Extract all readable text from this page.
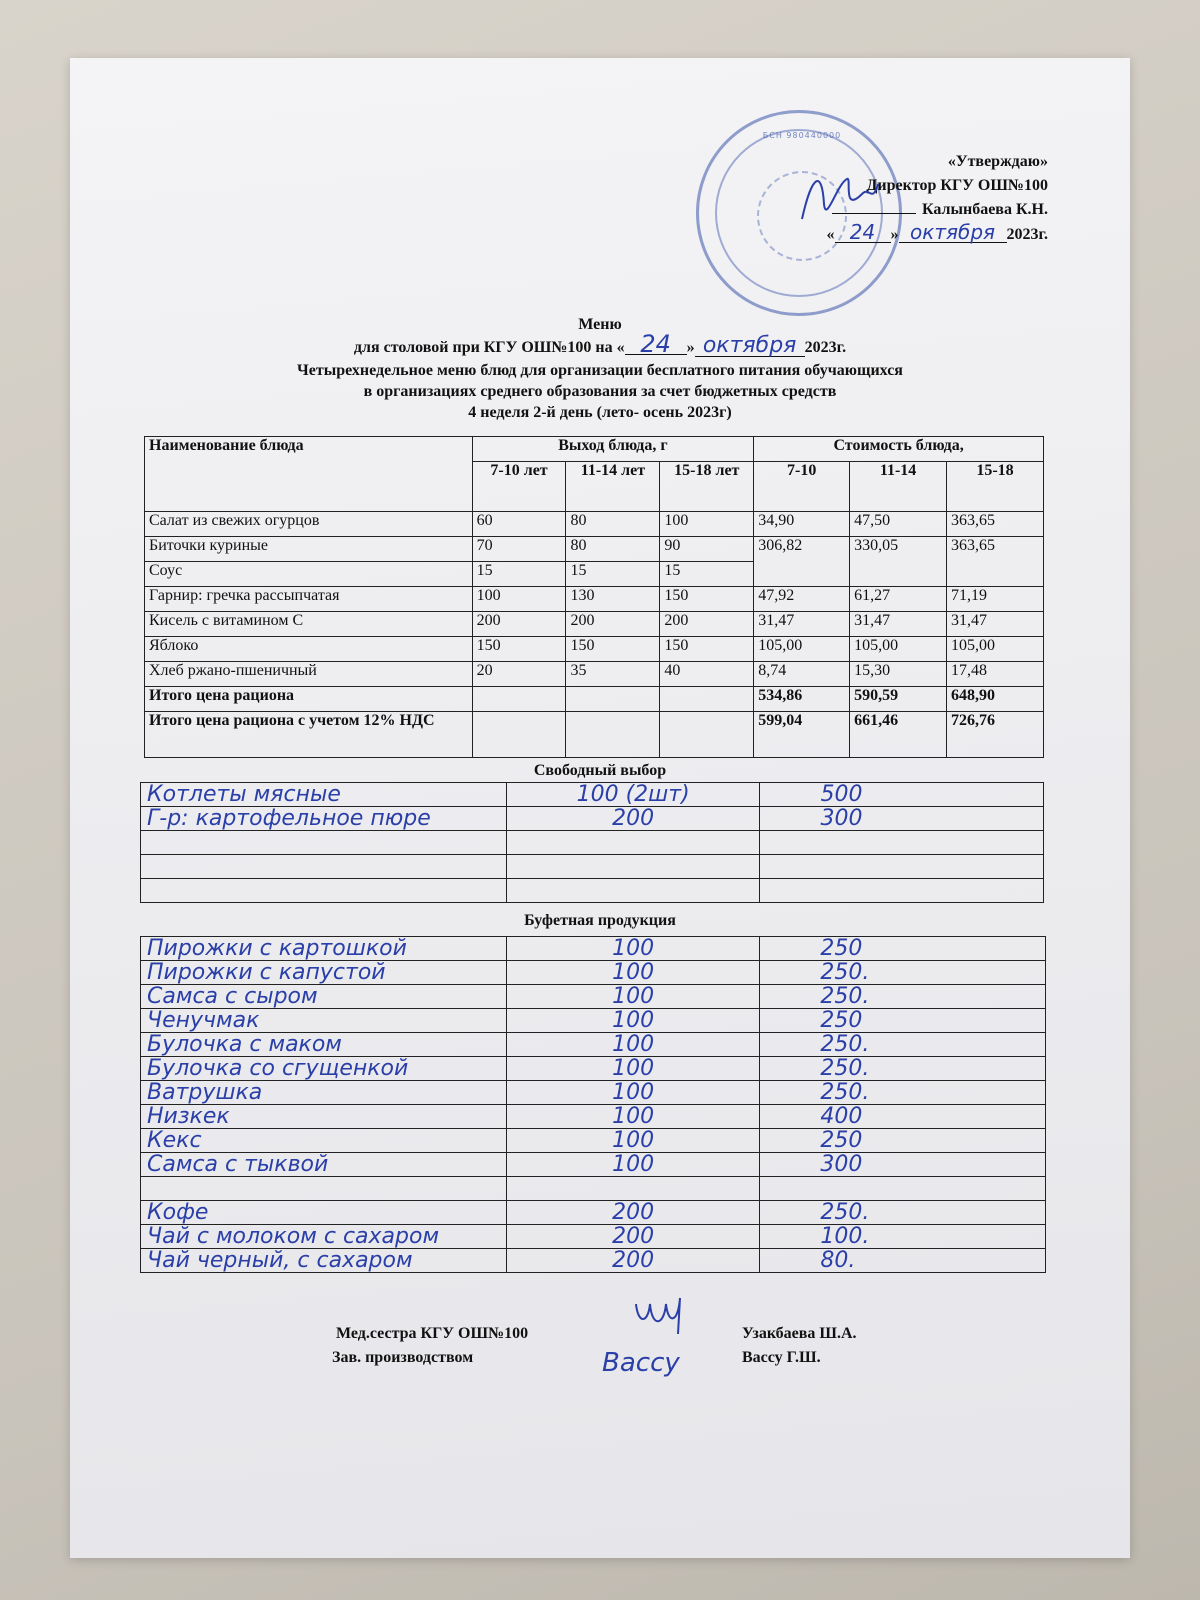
БСН 980440000
«Утверждаю»
Директор КГУ ОШ№100
Калынбаева К.Н.
« 24 » октября 2023г.
Меню
для столовой при КГУ ОШ№100 на « 24 » октября 2023г.
Четырехнедельное меню блюд для организации бесплатного питания обучающихся
в организациях среднего образования за счет бюджетных средств
4 неделя 2-й день (лето- осень 2023г)
Наименование блюда	Выход блюда, г			Стоимость блюда,		
	7-10 лет	11-14 лет	15-18 лет	7-10	11-14	15-18
Салат из свежих огурцов	60	80	100	34,90	47,50	363,65
Биточки куриные	70	80	90	306,82	330,05	363,65
Соус	15	15	15			
Гарнир: гречка рассыпчатая	100	130	150	47,92	61,27	71,19
Кисель с витамином С	200	200	200	31,47	31,47	31,47
Яблоко	150	150	150	105,00	105,00	105,00
Хлеб ржано-пшеничный	20	35	40	8,74	15,30	17,48
Итого цена рациона				534,86	590,59	648,90
Итого цена рациона с учетом 12% НДС				599,04	661,46	726,76
Свободный выбор
Котлеты мясные	100 (2шт)	500
Г-р: картофельное пюре	200	300

Буфетная продукция
Пирожки с картошкой	100	250
Пирожки с капустой	100	250.
Самса с сыром	100	250.
Ченучмак	100	250
Булочка с маком	100	250.
Булочка со сгущенкой	100	250.
Ватрушка	100	250.
Низкек	100	400
Кекс	100	250
Самса с тыквой	100	300

Кофе	200	250.
Чай с молоком с сахаром	200	100.
Чай черный, с сахаром	200	80.
Мед.сестра КГУ ОШ№100	Узакбаева Ш.А.
Зав. производством	Вассу Г.Ш.
Вассу
